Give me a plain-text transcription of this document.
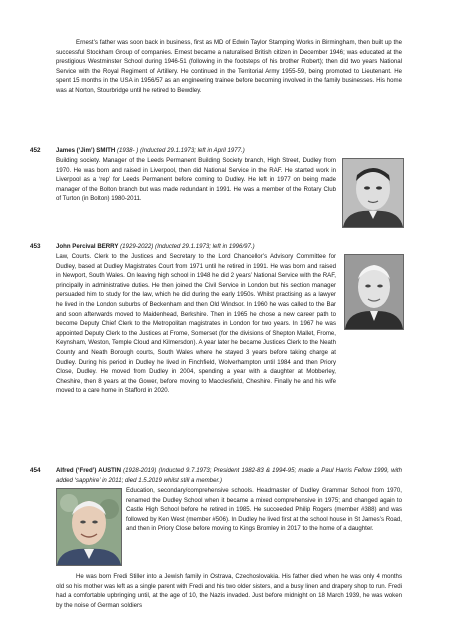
Ernest’s father was soon back in business, first as MD of Edwin Taylor Stamping Works in Birmingham, then built up the successful Stockham Group of companies. Ernest became a naturalised British citizen in December 1946; was educated at the prestigious Westminster School during 1946-51 (following in the footsteps of his brother Robert); then did two years National Service with the Royal Regiment of Artillery. He continued in the Territorial Army 1955-59, being promoted to Lieutenant. He spent 15 months in the USA in 1956/57 as an engineering trainee before becoming involved in the family businesses. His home was at Norton, Stourbridge until he retired to Bewdley.

452	James (‘Jim’) SMITH (1938- ) (Inducted 29.1.1973; left in April 1977.)

Building society. Manager of the Leeds Permanent Building Society branch, High Street, Dudley from 1970. He was born and raised in Liverpool, then did National Service in the RAF. He started work in Liverpool as a ‘rep’ for Leeds Permanent before coming to Dudley. He left in 1977 on being made manager of the Bolton branch but was made redundant in 1991. He was a member of the Rotary Club of Turton (in Bolton) 1980-2011.

453	John Percival BERRY (1929-2022) (Inducted 29.1.1973; left in 1996/97.)

Law, Courts. Clerk to the Justices and Secretary to the Lord Chancellor’s Advisory Committee for Dudley, based at Dudley Magistrates Court from 1971 until he retired in 1991. He was born and raised in Newport, South Wales. On leaving high school in 1948 he did 2 years’ National Service with the RAF, principally in administrative duties. He then joined the Civil Service in London but his section manager persuaded him to study for the law, which he did during the early 1950s. Whilst practising as a lawyer he lived in the London suburbs of Beckenham and then Old Windsor. In 1960 he was called to the Bar and soon afterwards moved to Maidenhead, Berkshire. Then in 1965 he chose a new career path to become Deputy Chief Clerk to the Metropolitan magistrates in London for two years. In 1967 he was appointed Deputy Clerk to the Justices at Frome, Somerset (for the divisions of Shepton Mallet, Frome, Keynsham, Weston, Temple Cloud and Kilmersdon). A year later he became Justices Clerk to the Neath County and Neath Borough courts, South Wales where he stayed 3 years before taking charge at Dudley. During his period in Dudley he lived in Finchfield, Wolverhampton until 1984 and then Priory Close, Dudley. He moved from Dudley in 2004, spending a year with a daughter at Mobberley, Cheshire, then 8 years at the Gower, before moving to Macclesfield, Cheshire. Finally he and his wife moved to a care home in Stafford in 2020.

454	Alfred (‘Fred’) AUSTIN (1928-2019) (Inducted 9.7.1973; President 1982-83 & 1994-95; made a Paul Harris Fellow 1999, with added ‘sapphire’ in 2011; died 1.5.2019 whilst still a member.)

Education, secondary/comprehensive schools. Headmaster of Dudley Grammar School from 1970, renamed the Dudley School when it became a mixed comprehensive in 1975; and changed again to Castle High School before he retired in 1985. He succeeded Philip Rogers (member #388) and was followed by Ken West (member #506). In Dudley he lived first at the school house in St James’s Road, and then in Priory Close before moving to Kings Bromley in 2017 to the home of a daughter.

He was born Fredi Stiller into a Jewish family in Ostrava, Czechoslovakia. His father died when he was only 4 months old so his mother was left as a single parent with Fredi and his two older sisters, and a busy linen and drapery shop to run. Fredi had a comfortable upbringing until, at the age of 10, the Nazis invaded. Just before midnight on 18 March 1939, he was woken by the noise of German soldiers
